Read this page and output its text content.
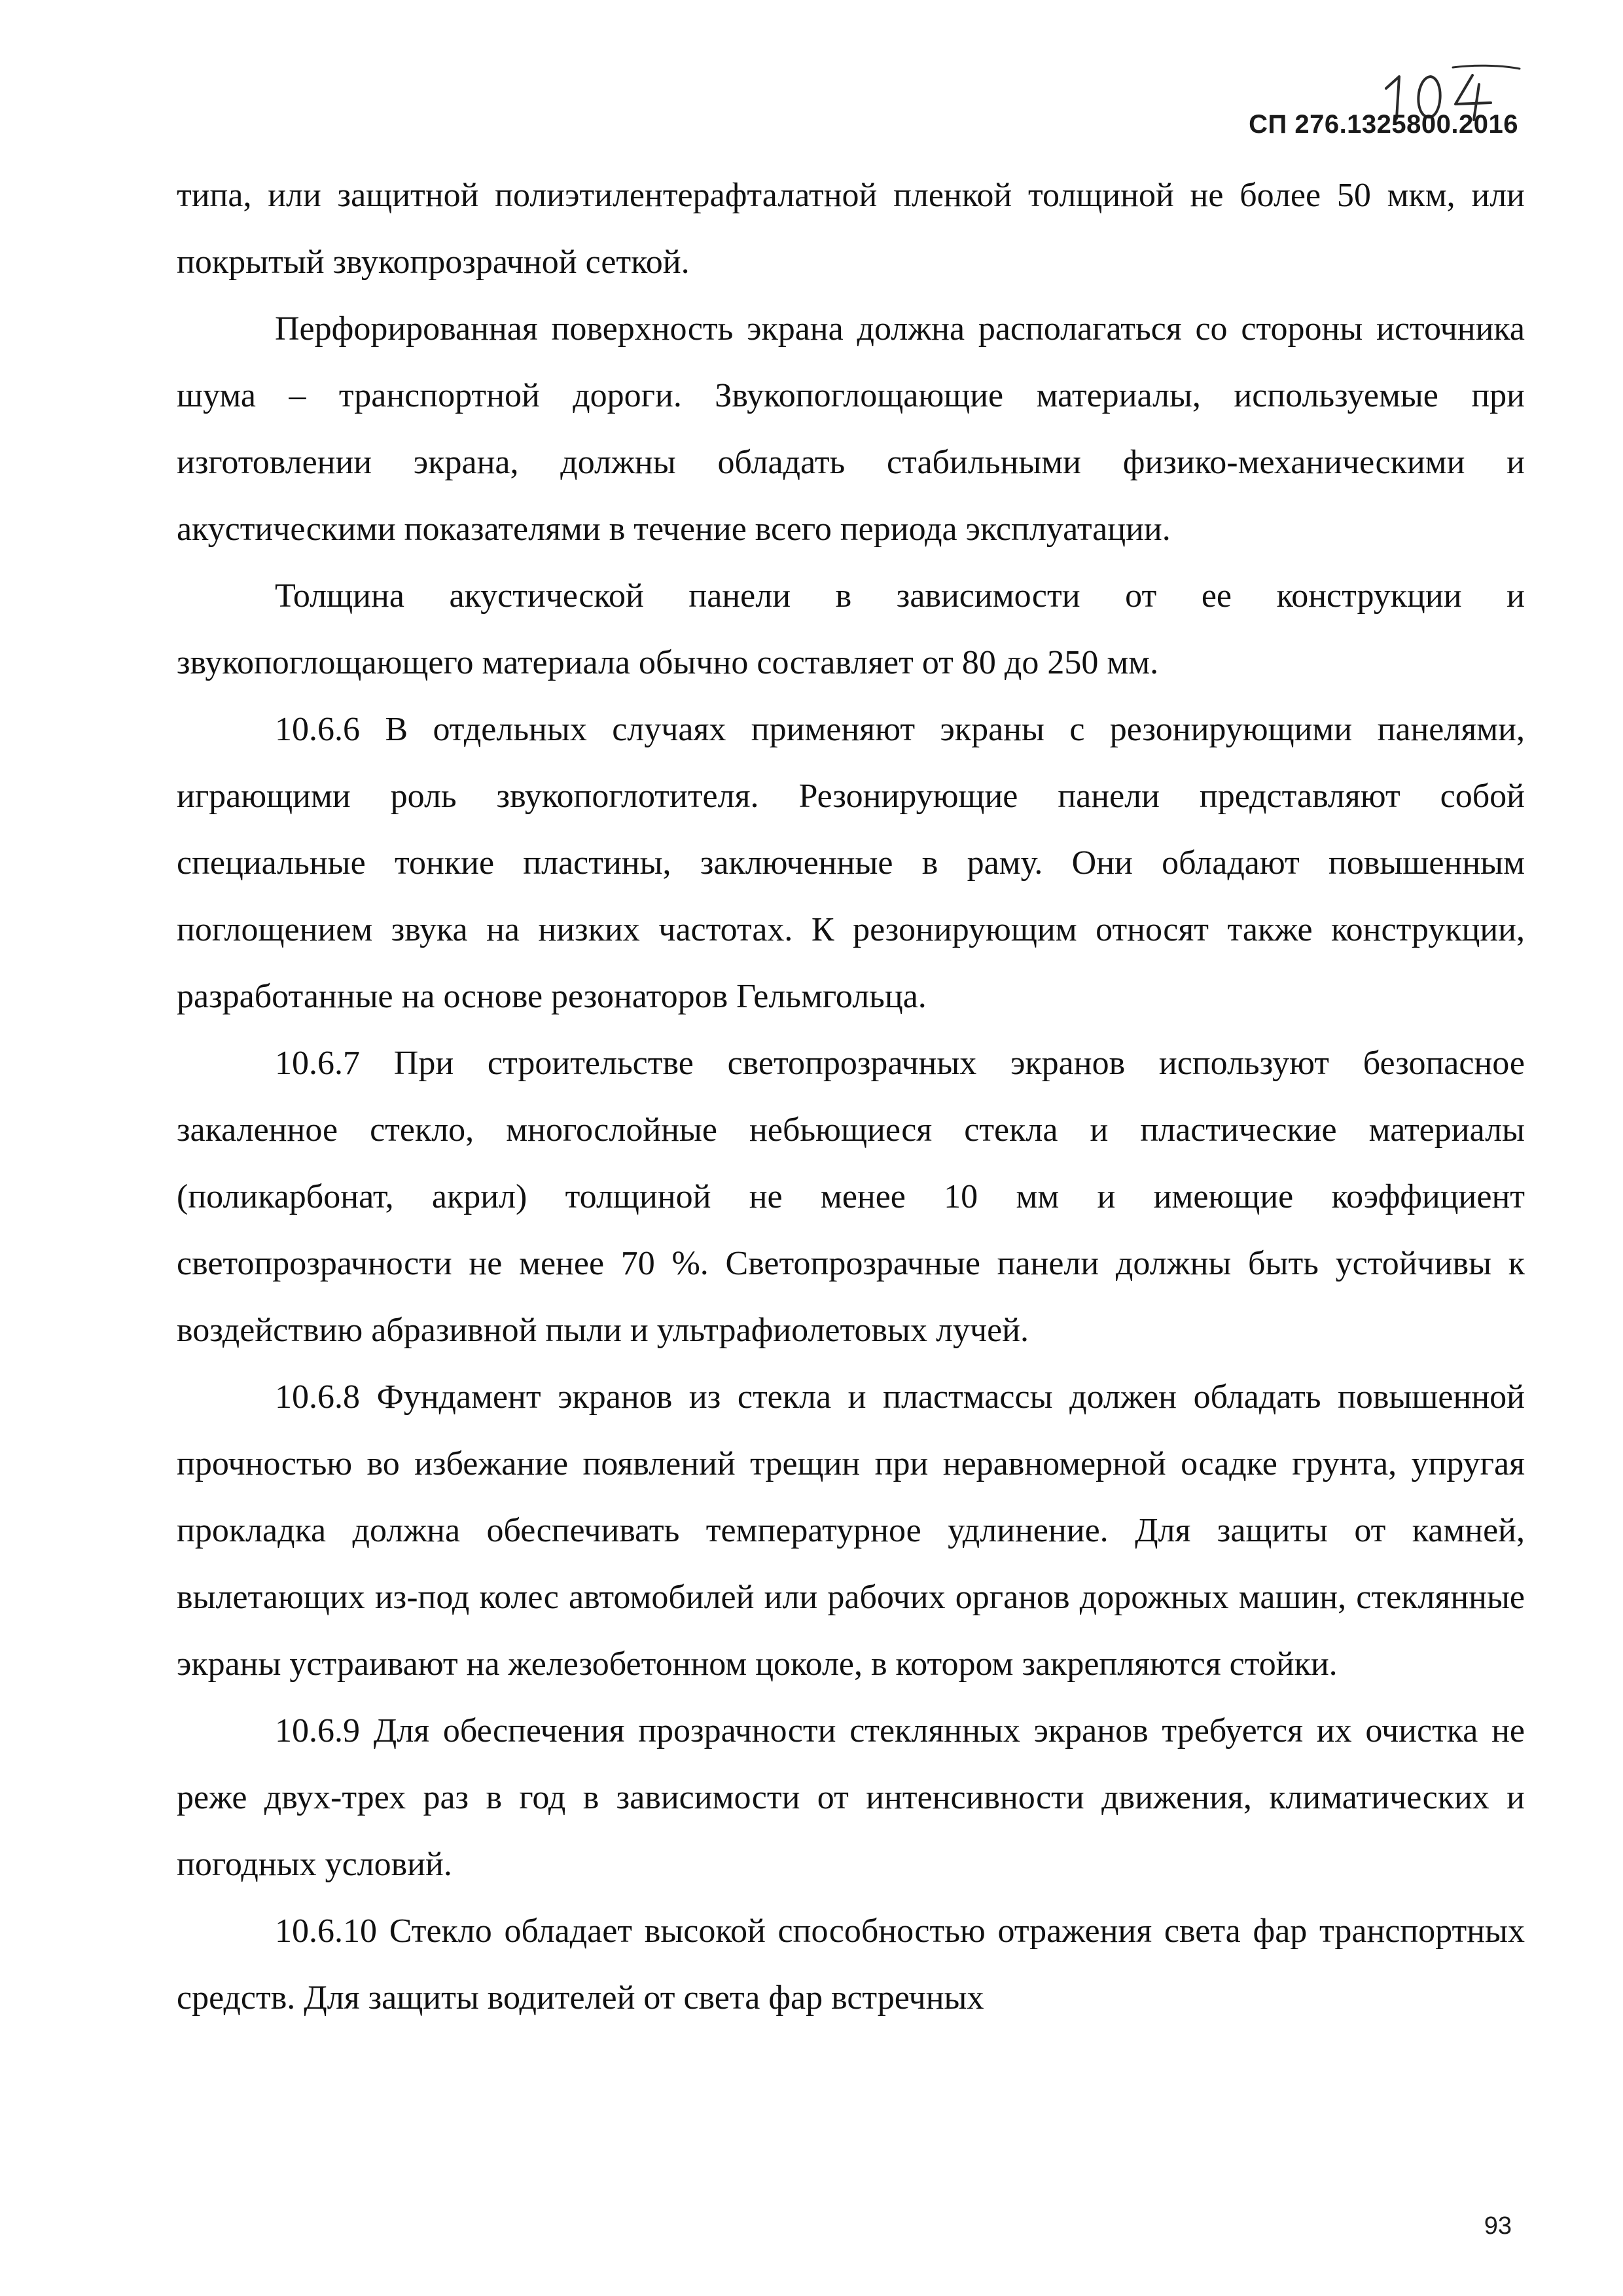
СП 276.1325800.2016

типа, или защитной полиэтилентерафталатной пленкой толщиной не более 50 мкм, или покрытый звукопрозрачной сеткой.

Перфорированная поверхность экрана должна располагаться со стороны источника шума – транспортной дороги. Звукопоглощающие материалы, используемые при изготовлении экрана, должны обладать стабильными физико-механическими и акустическими показателями в течение всего периода эксплуатации.

Толщина акустической панели в зависимости от ее конструкции и звукопоглощающего материала обычно составляет от 80 до 250 мм.

10.6.6 В отдельных случаях применяют экраны с резонирующими панелями, играющими роль звукопоглотителя. Резонирующие панели представляют собой специальные тонкие пластины, заключенные в раму. Они обладают повышенным поглощением звука на низких частотах. К резонирующим относят также конструкции, разработанные на основе резонаторов Гельмгольца.

10.6.7 При строительстве светопрозрачных экранов используют безопасное закаленное стекло, многослойные небьющиеся стекла и пластические материалы (поликарбонат, акрил) толщиной не менее 10 мм и имеющие коэффициент светопрозрачности не менее 70 %. Светопрозрачные панели должны быть устойчивы к воздействию абразивной пыли и ультрафиолетовых лучей.

10.6.8 Фундамент экранов из стекла и пластмассы должен обладать повышенной прочностью во избежание появлений трещин при неравномерной осадке грунта, упругая прокладка должна обеспечивать температурное удлинение. Для защиты от камней, вылетающих из-под колес автомобилей или рабочих органов дорожных машин, стеклянные экраны устраивают на железобетонном цоколе, в котором закрепляются стойки.

10.6.9 Для обеспечения прозрачности стеклянных экранов требуется их очистка не реже двух-трех раз в год в зависимости от интенсивности движения, климатических и погодных условий.

10.6.10 Стекло обладает высокой способностью отражения света фар транспортных средств. Для защиты водителей от света фар встречных

93
